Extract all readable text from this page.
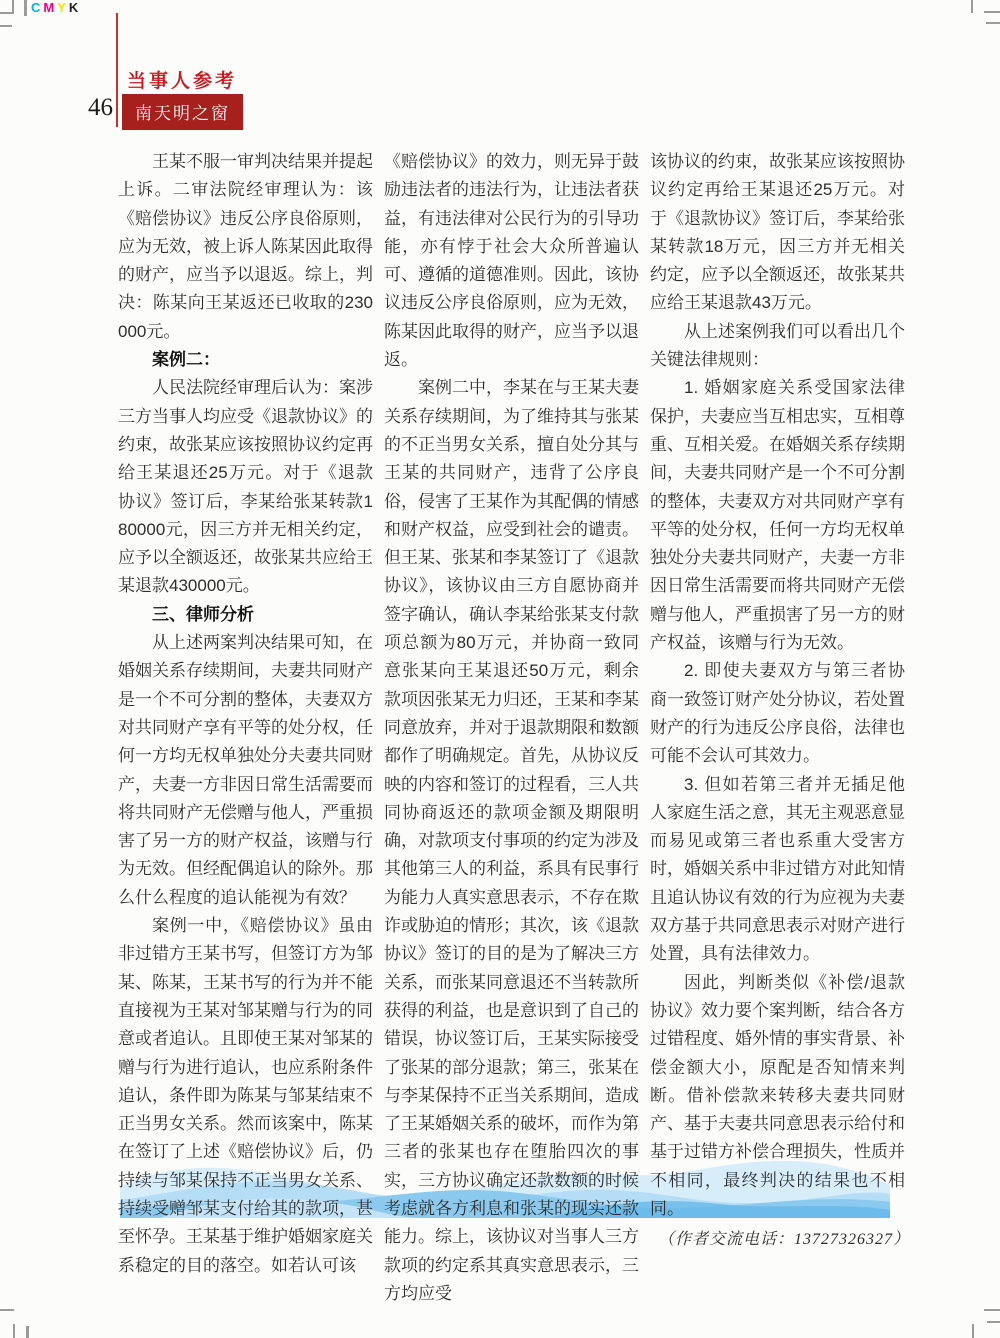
CMYK
46
当事人参考
南天明之窗

王某不服一审判决结果并提起上诉。二审法院经审理认为：该《赔偿协议》违反公序良俗原则，应为无效，被上诉人陈某因此取得的财产，应当予以退返。综上，判决：陈某向王某返还已收取的230000元。

案例二：

人民法院经审理后认为：案涉三方当事人均应受《退款协议》的约束，故张某应该按照协议约定再给王某退还25万元。对于《退款协议》签订后，李某给张某转款180000元，因三方并无相关约定，应予以全额返还，故张某共应给王某退款430000元。

三、律师分析

从上述两案判决结果可知，在婚姻关系存续期间，夫妻共同财产是一个不可分割的整体，夫妻双方对共同财产享有平等的处分权，任何一方均无权单独处分夫妻共同财产，夫妻一方非因日常生活需要而将共同财产无偿赠与他人，严重损害了另一方的财产权益，该赠与行为无效。但经配偶追认的除外。那么什么程度的追认能视为有效？

案例一中，《赔偿协议》虽由非过错方王某书写，但签订方为邹某、陈某，王某书写的行为并不能直接视为王某对邹某赠与行为的同意或者追认。且即使王某对邹某的赠与行为进行追认，也应系附条件追认，条件即为陈某与邹某结束不正当男女关系。然而该案中，陈某在签订了上述《赔偿协议》后，仍持续与邹某保持不正当男女关系、持续受赠邹某支付给其的款项，甚至怀孕。王某基于维护婚姻家庭关系稳定的目的落空。如若认可该

《赔偿协议》的效力，则无异于鼓励违法者的违法行为，让违法者获益，有违法律对公民行为的引导功能，亦有悖于社会大众所普遍认可、遵循的道德准则。因此，该协议违反公序良俗原则，应为无效，陈某因此取得的财产，应当予以退返。

案例二中，李某在与王某夫妻关系存续期间，为了维持其与张某的不正当男女关系，擅自处分其与王某的共同财产，违背了公序良俗，侵害了王某作为其配偶的情感和财产权益，应受到社会的谴责。但王某、张某和李某签订了《退款协议》，该协议由三方自愿协商并签字确认，确认李某给张某支付款项总额为80万元，并协商一致同意张某向王某退还50万元，剩余款项因张某无力归还，王某和李某同意放弃，并对于退款期限和数额都作了明确规定。首先，从协议反映的内容和签订的过程看，三人共同协商返还的款项金额及期限明确，对款项支付事项的约定为涉及其他第三人的利益，系具有民事行为能力人真实意思表示，不存在欺诈或胁迫的情形；其次，该《退款协议》签订的目的是为了解决三方关系，而张某同意退还不当转款所获得的利益，也是意识到了自己的错误，协议签订后，王某实际接受了张某的部分退款；第三，张某在与李某保持不正当关系期间，造成了王某婚姻关系的破坏，而作为第三者的张某也存在堕胎四次的事实，三方协议确定还款数额的时候考虑就各方利息和张某的现实还款能力。综上，该协议对当事人三方款项的约定系其真实意思表示，三方均应受

该协议的约束，故张某应该按照协议约定再给王某退还25万元。对于《退款协议》签订后，李某给张某转款18万元，因三方并无相关约定，应予以全额返还，故张某共应给王某退款43万元。

从上述案例我们可以看出几个关键法律规则：

1. 婚姻家庭关系受国家法律保护，夫妻应当互相忠实，互相尊重、互相关爱。在婚姻关系存续期间，夫妻共同财产是一个不可分割的整体，夫妻双方对共同财产享有平等的处分权，任何一方均无权单独处分夫妻共同财产，夫妻一方非因日常生活需要而将共同财产无偿赠与他人，严重损害了另一方的财产权益，该赠与行为无效。

2. 即使夫妻双方与第三者协商一致签订财产处分协议，若处置财产的行为违反公序良俗，法律也可能不会认可其效力。

3. 但如若第三者并无插足他人家庭生活之意，其无主观恶意显而易见或第三者也系重大受害方时，婚姻关系中非过错方对此知情且追认协议有效的行为应视为夫妻双方基于共同意思表示对财产进行处置，具有法律效力。

因此，判断类似《补偿/退款协议》效力要个案判断，结合各方过错程度、婚外情的事实背景、补偿金额大小，原配是否知情来判断。借补偿款来转移夫妻共同财产、基于夫妻共同意思表示给付和基于过错方补偿合理损失，性质并不相同，最终判决的结果也不相同。

（作者交流电话：13727326327）
